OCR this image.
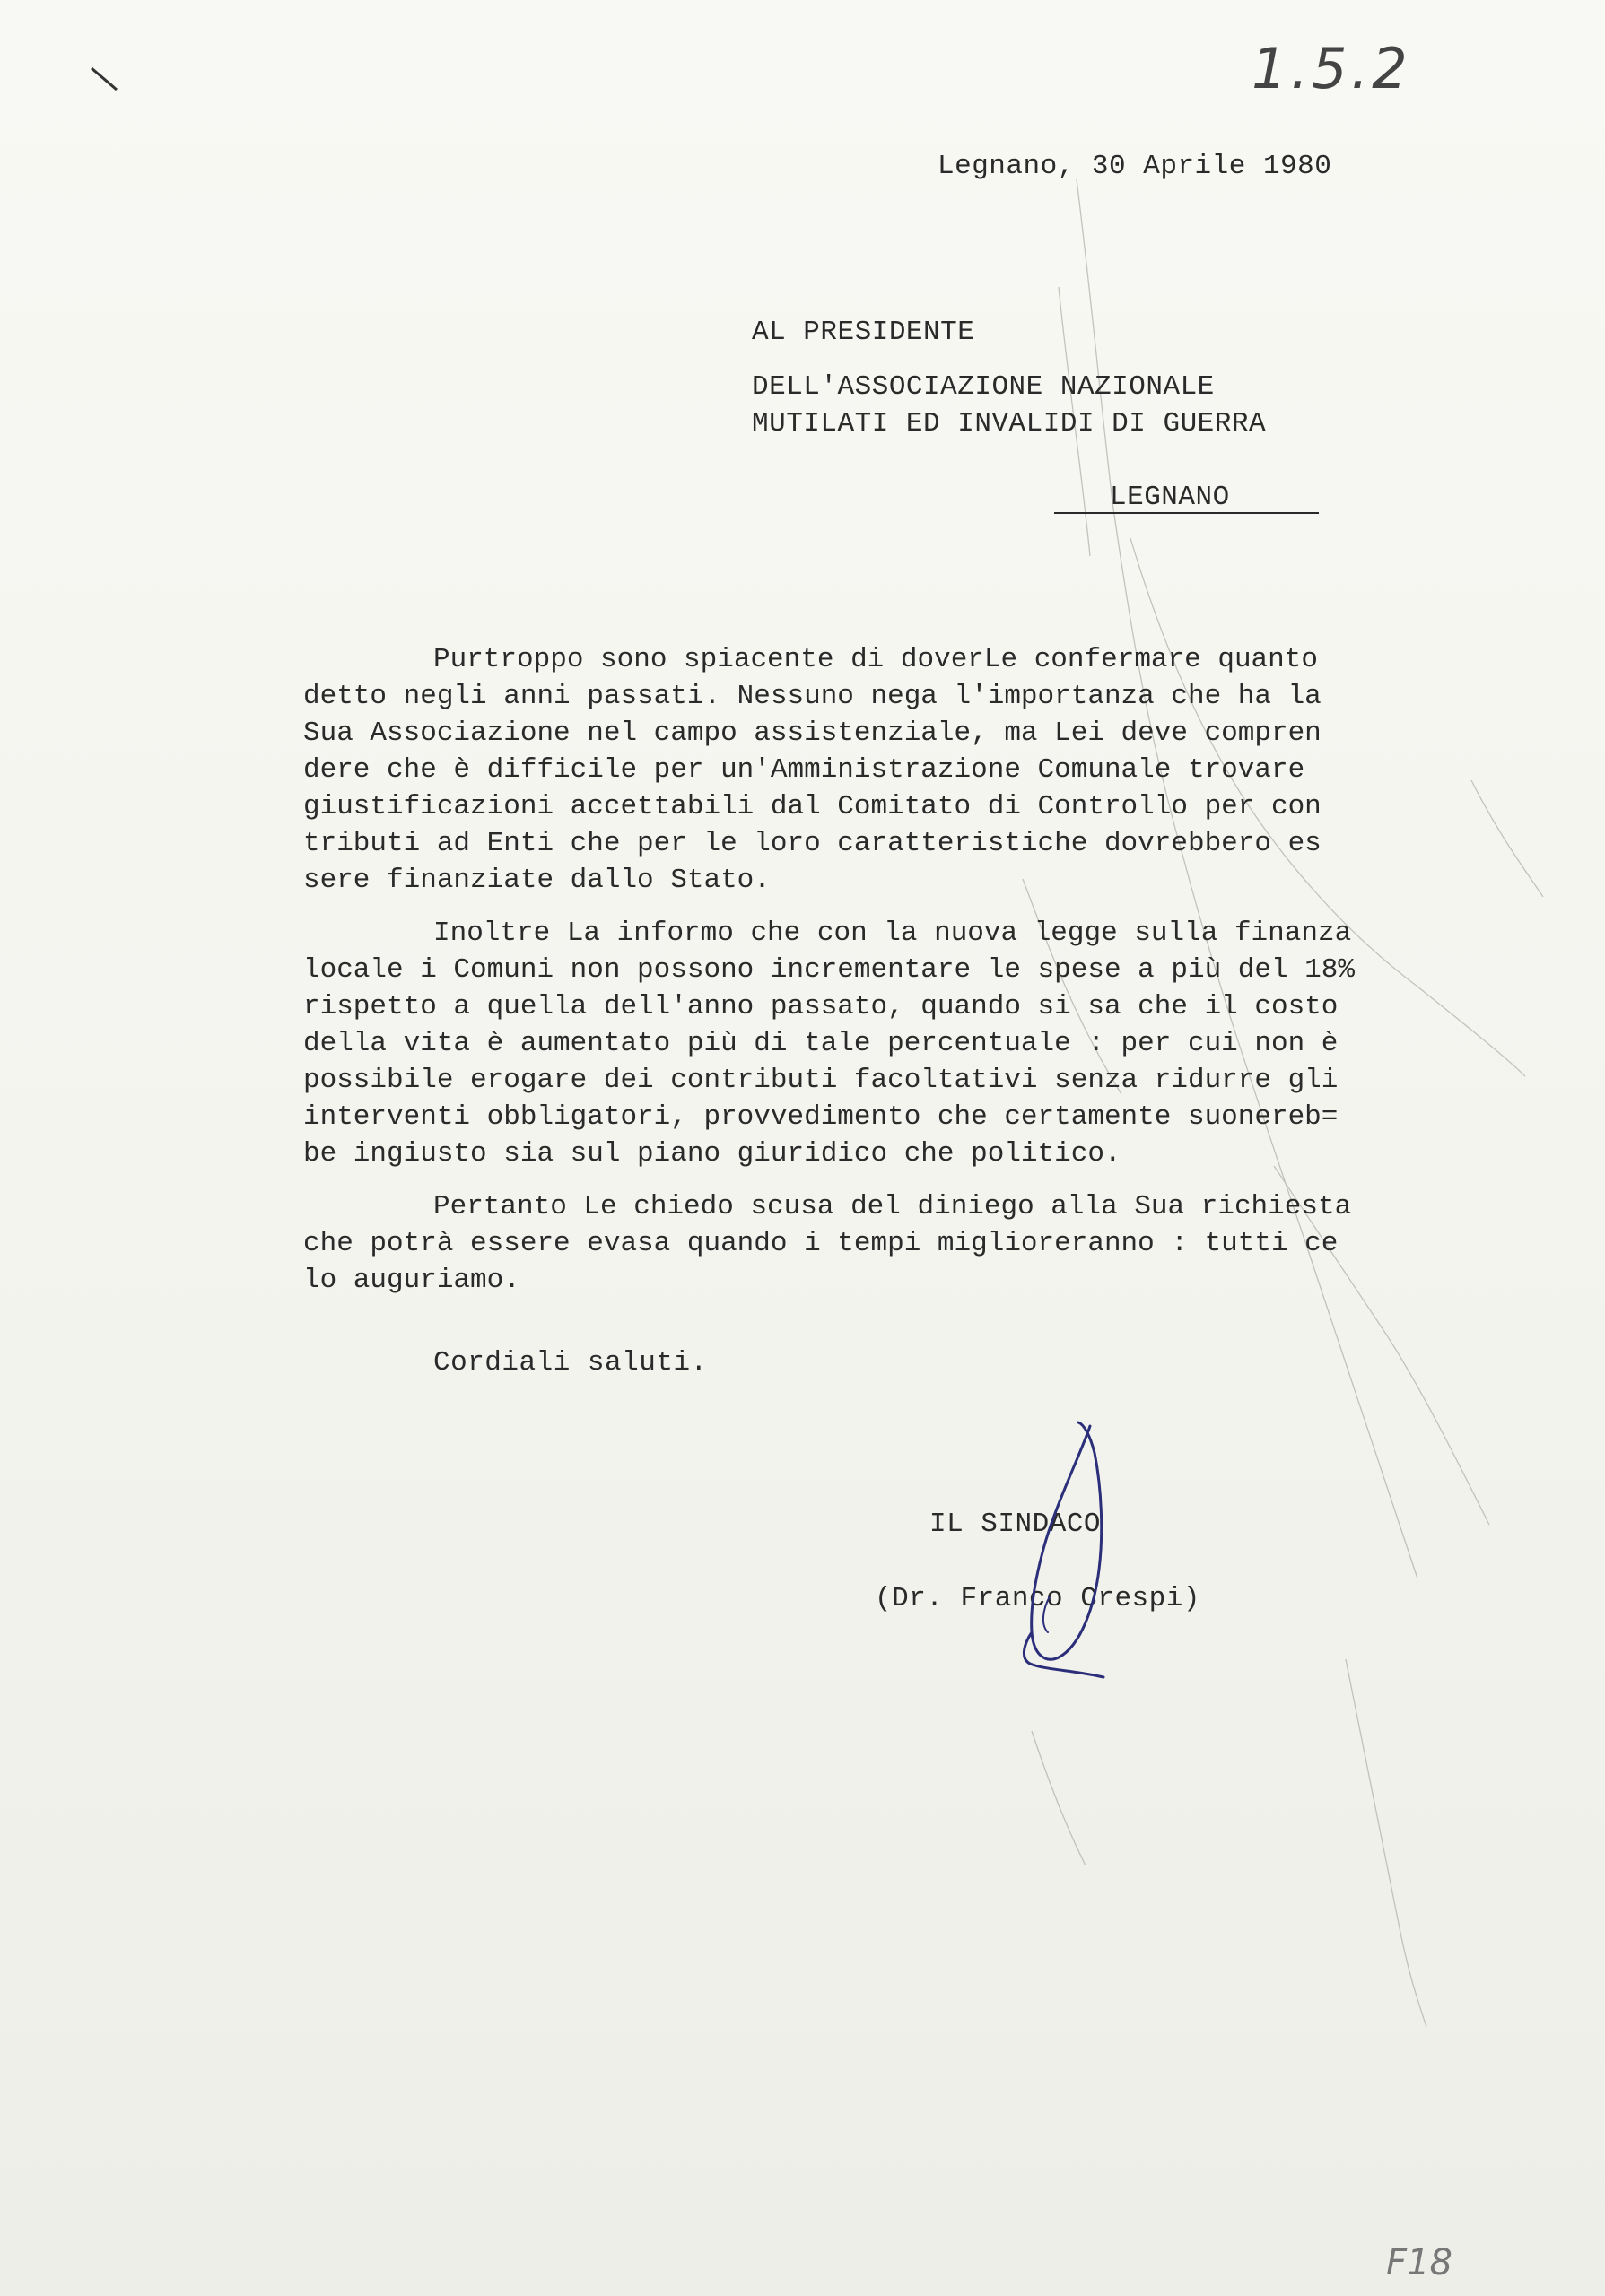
1.5.2
F18
Legnano, 30 Aprile 1980
AL PRESIDENTE
DELL'ASSOCIAZIONE NAZIONALE
MUTILATI ED INVALIDI DI GUERRA
LEGNANO
Purtroppo sono spiacente di doverLe confermare quanto
detto negli anni passati. Nessuno nega l'importanza che ha la
Sua Associazione nel campo assistenziale, ma Lei deve compren
dere che è difficile per un'Amministrazione Comunale trovare
giustificazioni accettabili dal Comitato di Controllo per con
tributi ad Enti che per le loro caratteristiche dovrebbero es
sere finanziate dallo Stato.
Inoltre La informo che con la nuova legge sulla finanza
locale i Comuni non possono incrementare le spese a più del 18%
rispetto a quella dell'anno passato, quando si sa che il costo
della vita è aumentato più di tale percentuale : per cui non è
possibile erogare dei contributi facoltativi senza ridurre gli
interventi obbligatori, provvedimento che certamente suonereb=
be ingiusto sia sul piano giuridico che politico.
Pertanto Le chiedo scusa del diniego alla Sua richiesta
che potrà essere evasa quando i tempi miglioreranno : tutti ce
lo auguriamo.
Cordiali saluti.
IL SINDACO
(Dr. Franco Crespi)
